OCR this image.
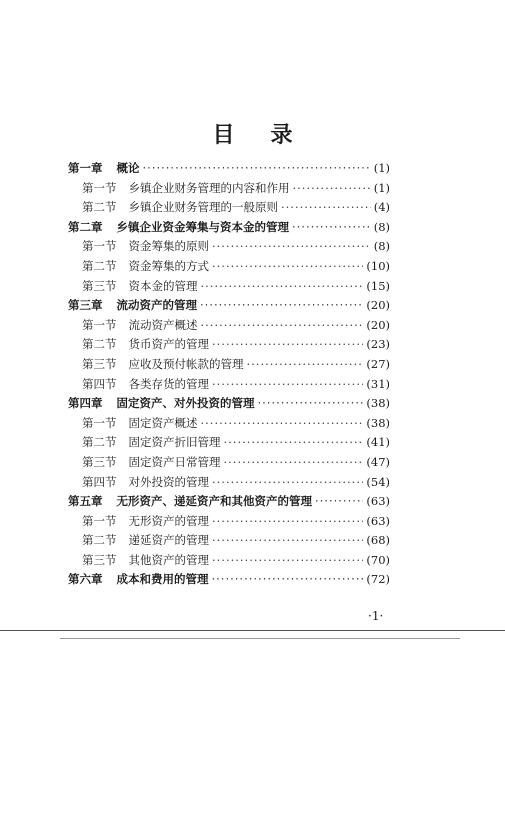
目录
第一章 概论 ·····	(1)
第一节 乡镇企业财务管理的内容和作用 ·····	(1)
第二节 乡镇企业财务管理的一般原则 ·····	(4)
第二章 乡镇企业资金筹集与资本金的管理 ·····	(8)
第一节 资金筹集的原则 ·····	(8)
第二节 资金筹集的方式 ·····	(10)
第三节 资本金的管理 ·····	(15)
第三章 流动资产的管理 ·····	(20)
第一节 流动资产概述 ·····	(20)
第二节 货币资产的管理 ·····	(23)
第三节 应收及预付帐款的管理 ·····	(27)
第四节 各类存货的管理 ·····	(31)
第四章 固定资产、对外投资的管理 ·····	(38)
第一节 固定资产概述 ·····	(38)
第二节 固定资产折旧管理 ·····	(41)
第三节 固定资产日常管理 ·····	(47)
第四节 对外投资的管理 ·····	(54)
第五章 无形资产、递延资产和其他资产的管理 ·····	(63)
第一节 无形资产的管理 ·····	(63)
第二节 递延资产的管理 ·····	(68)
第三节 其他资产的管理 ·····	(70)
第六章 成本和费用的管理 ·····	(72)
·1·
